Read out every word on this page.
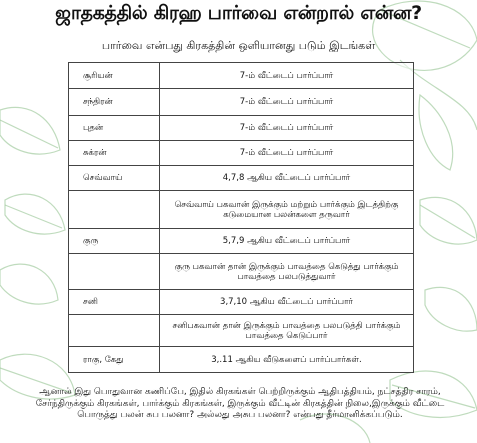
ஜாதகத்தில் கிரஹ பார்வை என்றால் என்ன?
பார்வை என்பது கிரகத்தின் ஒளியானது படும் இடங்கள்
சூரியன்	7-ம் வீட்டைப் பார்ப்பார்
சந்திரன்	7-ம் வீட்டைப் பார்ப்பார்
புதன்	7-ம் வீட்டைப் பார்ப்பார்
சுக்ரன்	7-ம் வீட்டைப் பார்ப்பார்
செவ்வாய்	4,7,8 ஆகிய வீட்டைப் பார்ப்பார்
	செவ்வாய் பகவான் இருக்கும் மற்றும் பார்க்கும் இடத்திற்கு கடுமையான பலன்களை தருவார்
குரு	5,7,9 ஆகிய வீட்டைப் பார்ப்பார்
	குரு பகவான் தான் இருக்கும் பாவத்தை கெடுத்து பார்க்கும் பாவத்தை பலபடுத்துவார்
சனி	3,7,10 ஆகிய வீட்டைப் பார்ப்பார்
	சனிபகவான் தான் இருக்கும் பாவத்தை பலபடுத்தி பார்க்கும் பாவத்தை கெடுப்பார்
ராகு, கேது	3,.11 ஆகிய வீடுகளைப் பார்ப்பார்கள்.
ஆனால் இது பொதுவான கணிப்பே, இதில் கிரகங்கள் பெற்றிருக்கும் ஆதிபத்தியம், நட்சத்திர சாரம், சேர்ந்திருக்கும் கிரகங்கள், பார்க்கும் கிரகங்கள், இருக்கும் வீட்டின் கிரகத்தின் நிலை,இருக்கும் வீட்டை பொருத்து பலன் சுப பலனா? அல்லது அசுப பலனா? என்பது தீர்மானிக்கப்படும்.
